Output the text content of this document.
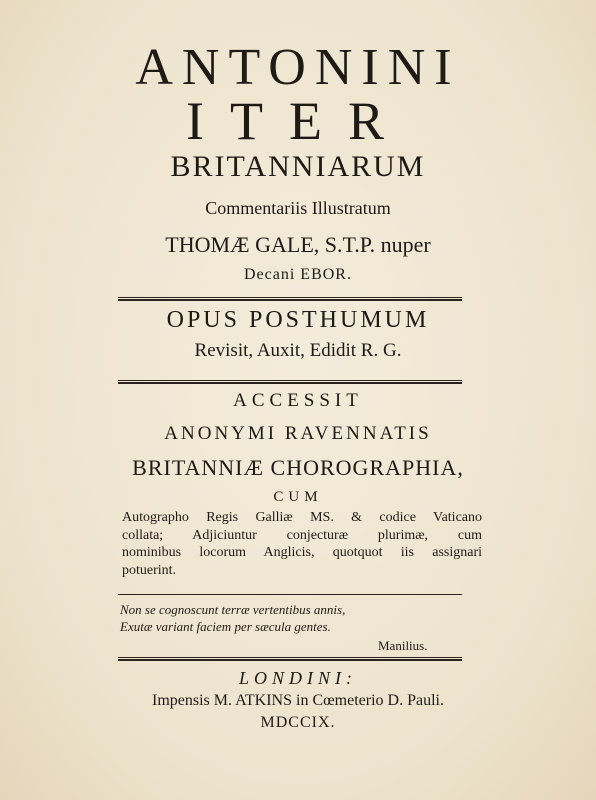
ANTONINI
ITER
BRITANNIARUM
Commentariis Illustratum
THOMÆ GALE, S.T.P. nuper
Decani EBOR.
OPUS POSTHUMUM
Revisit, Auxit, Edidit R. G.
ACCESSIT
ANONYMI RAVENNATIS
BRITANNIÆ CHOROGRAPHIA,
CUM
Autographo Regis Galliæ MS. & codice Vaticano
collata; Adjiciuntur conjecturæ plurimæ, cum
nominibus locorum Anglicis, quotquot iis assignari
potuerint.
Non se cognoscunt terræ vertentibus annis,
Exutæ variant faciem per sæcula gentes.
Manilius.
LONDINI:
Impensis M. ATKINS in Cœmeterio D. Pauli.
MDCCIX.
